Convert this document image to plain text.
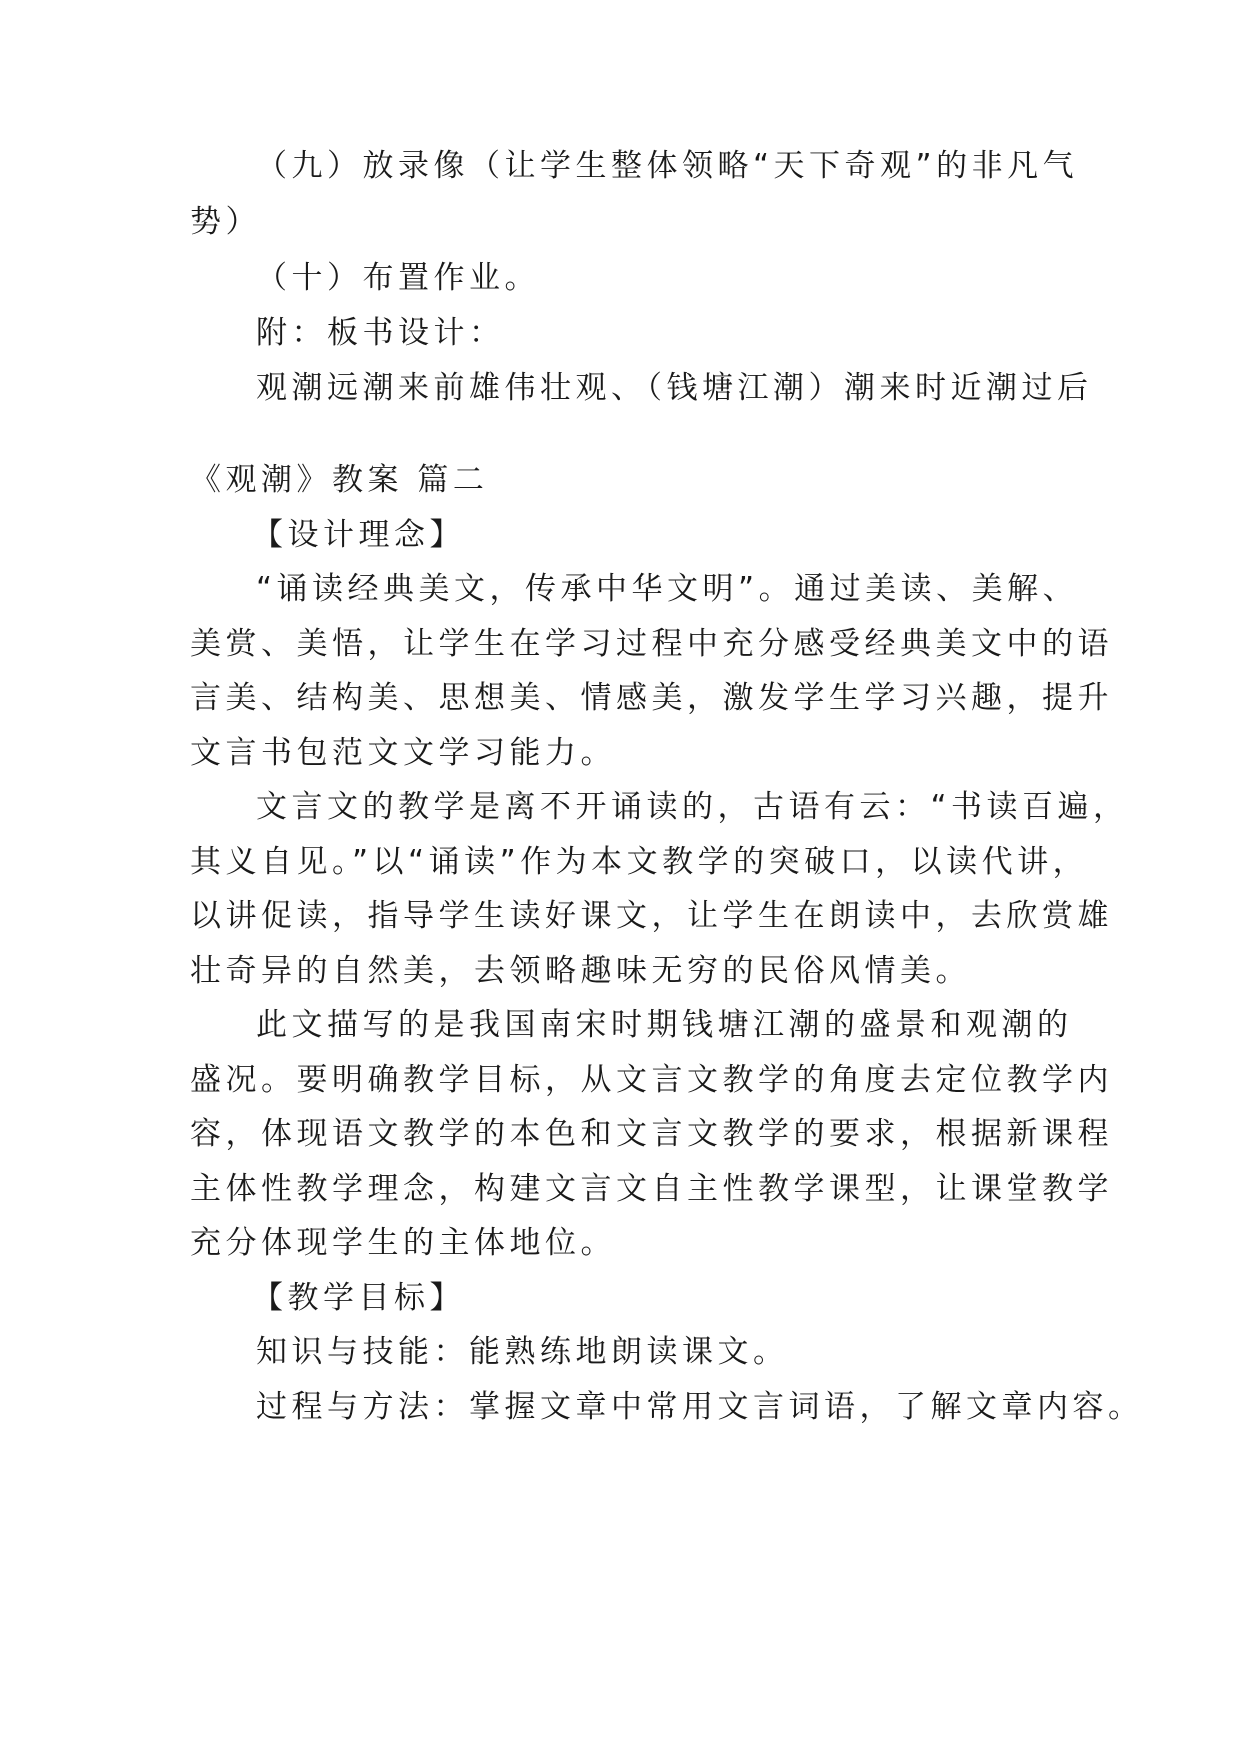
（九）放录像（让学生整体领略“天下奇观”的非凡气
势）
（十）布置作业。
附：板书设计：
观潮远潮来前雄伟壮观、（钱塘江潮）潮来时近潮过后
《观潮》教案 篇二
【设计理念】
“诵读经典美文，传承中华文明”。通过美读、美解、
美赏、美悟，让学生在学习过程中充分感受经典美文中的语
言美、结构美、思想美、情感美，激发学生学习兴趣，提升
文言书包范文文学习能力。
文言文的教学是离不开诵读的，古语有云：“书读百遍，
其义自见。”以“诵读”作为本文教学的突破口，以读代讲，
以讲促读，指导学生读好课文，让学生在朗读中，去欣赏雄
壮奇异的自然美，去领略趣味无穷的民俗风情美。
此文描写的是我国南宋时期钱塘江潮的盛景和观潮的
盛况。要明确教学目标，从文言文教学的角度去定位教学内
容，体现语文教学的本色和文言文教学的要求，根据新课程
主体性教学理念，构建文言文自主性教学课型，让课堂教学
充分体现学生的主体地位。
【教学目标】
知识与技能：能熟练地朗读课文。
过程与方法：掌握文章中常用文言词语，了解文章内容。
